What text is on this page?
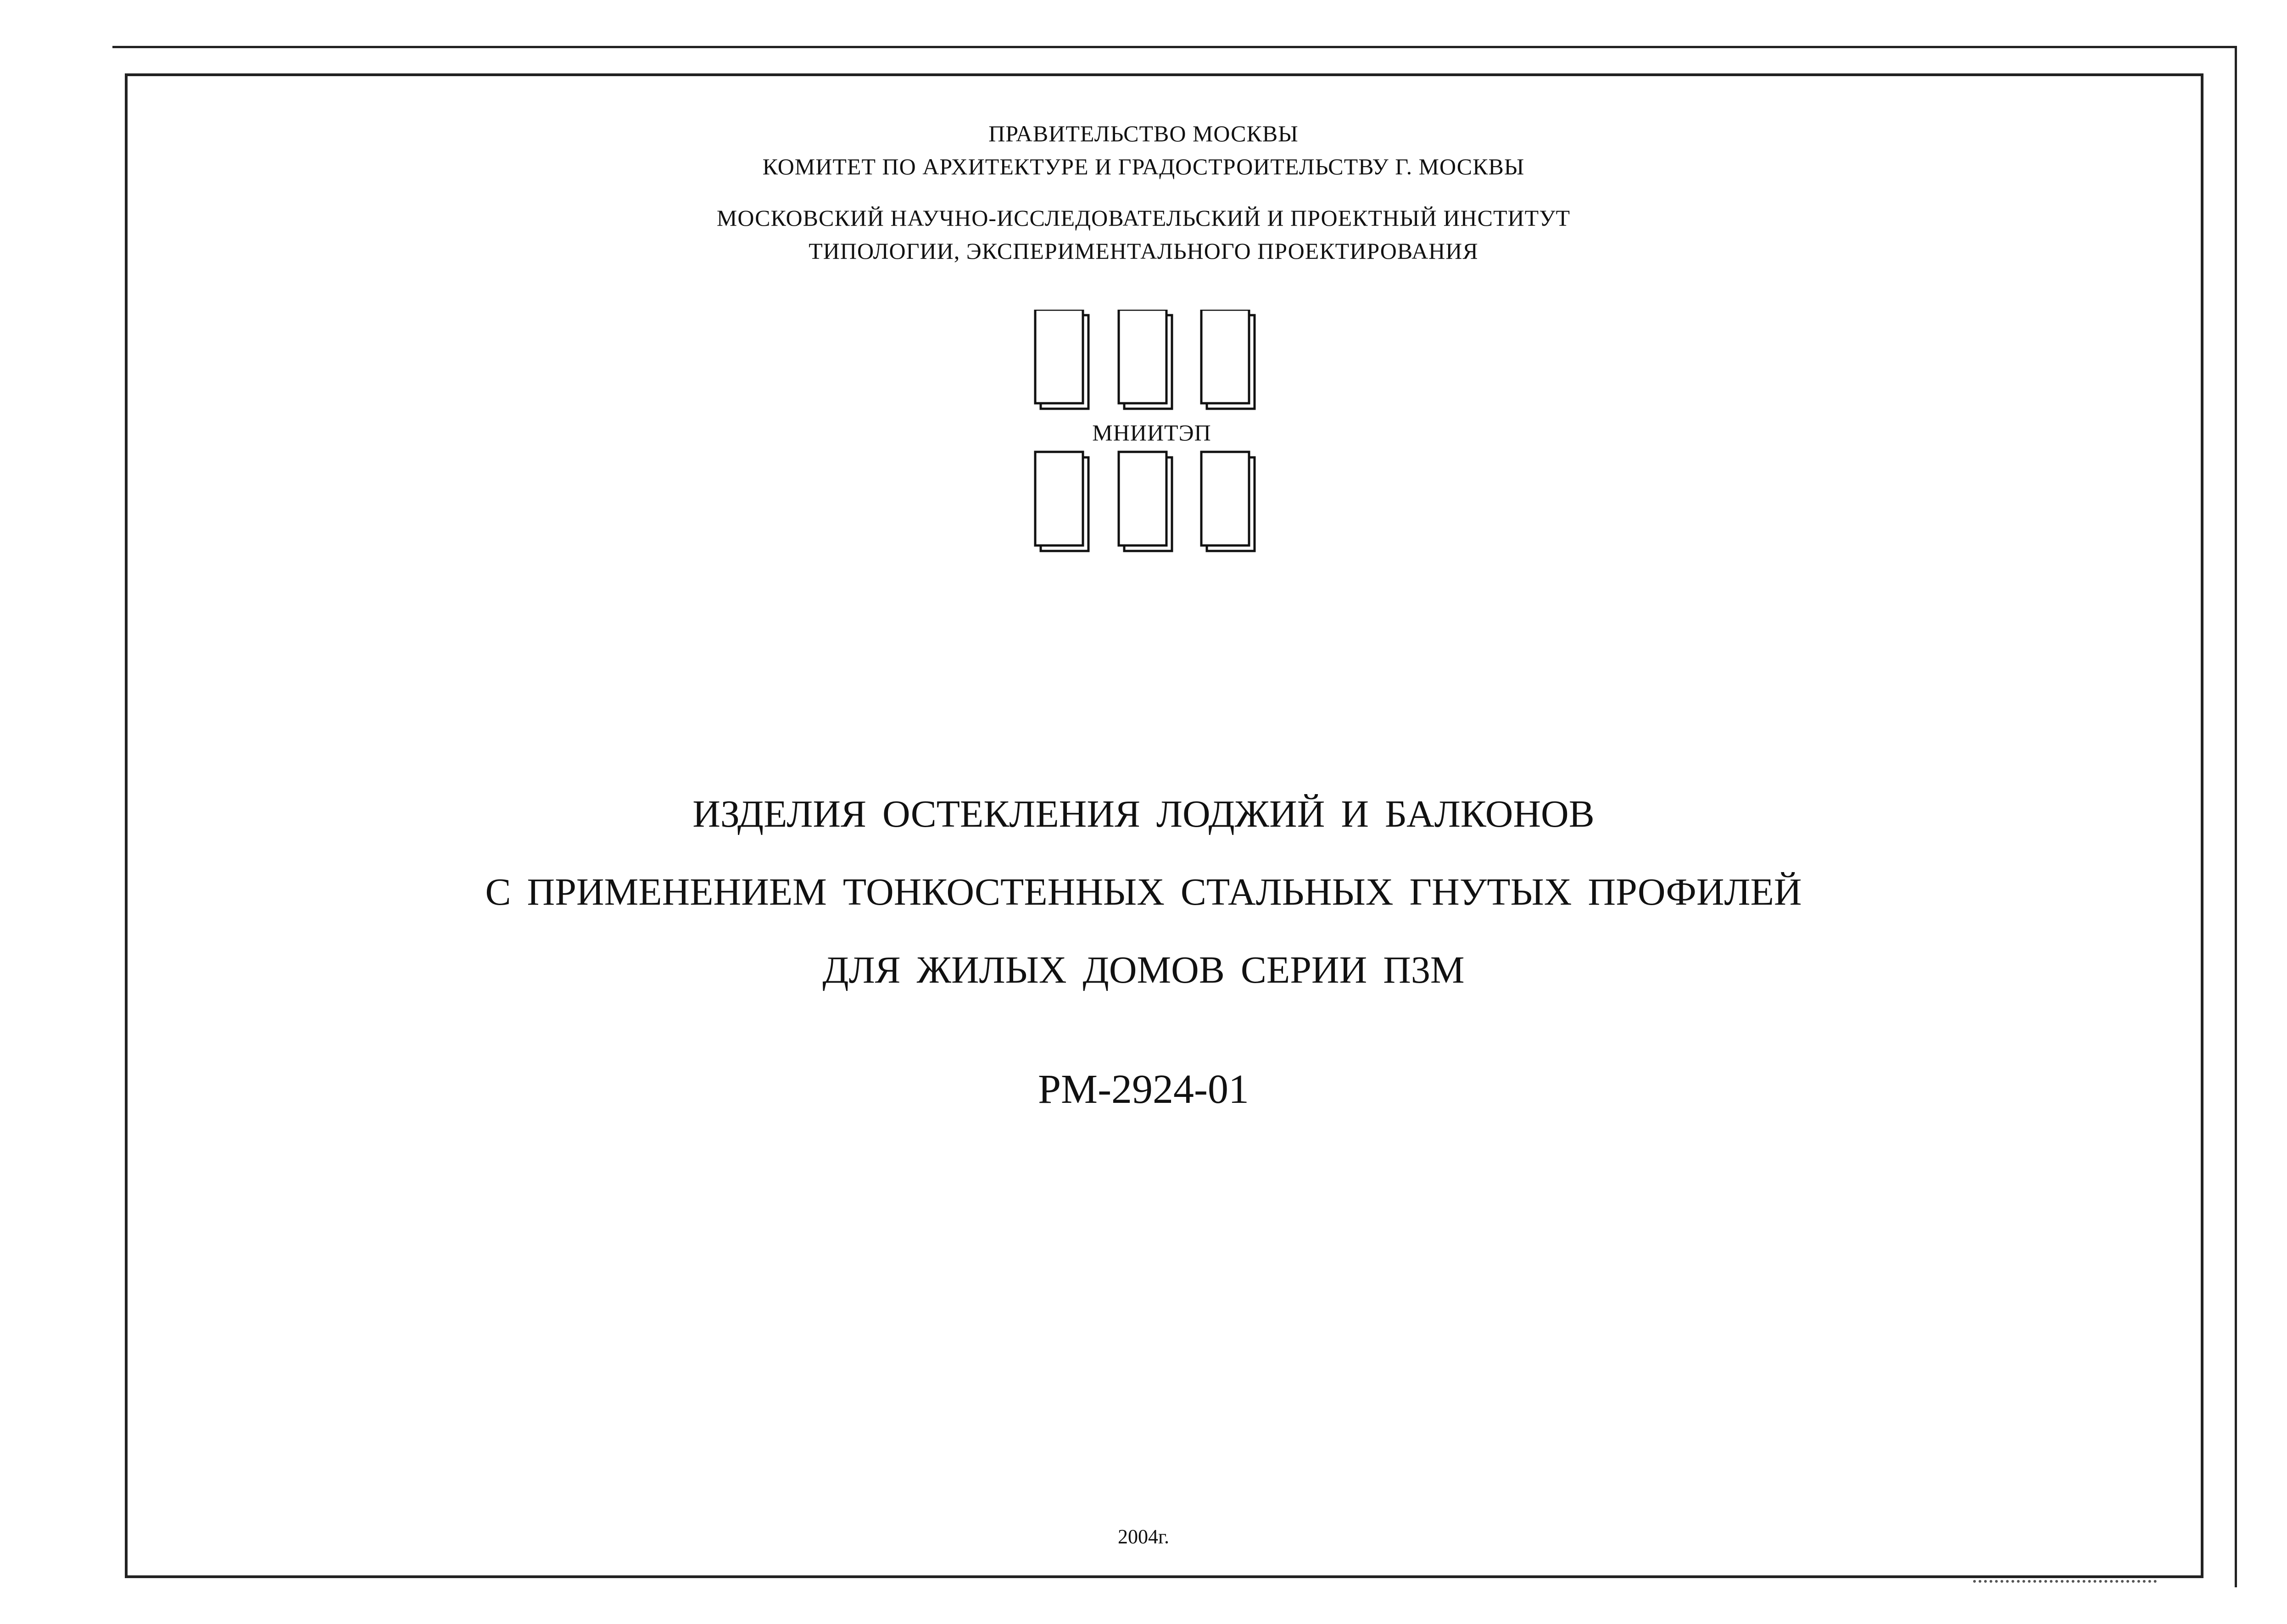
ПРАВИТЕЛЬСТВО МОСКВЫ
КОМИТЕТ ПО АРХИТЕКТУРЕ И ГРАДОСТРОИТЕЛЬСТВУ Г. МОСКВЫ
МОСКОВСКИЙ НАУЧНО-ИССЛЕДОВАТЕЛЬСКИЙ И ПРОЕКТНЫЙ ИНСТИТУТ
ТИПОЛОГИИ, ЭКСПЕРИМЕНТАЛЬНОГО ПРОЕКТИРОВАНИЯ
МНИИТЭП
ИЗДЕЛИЯ ОСТЕКЛЕНИЯ ЛОДЖИЙ И БАЛКОНОВ
С ПРИМЕНЕНИЕМ ТОНКОСТЕННЫХ СТАЛЬНЫХ ГНУТЫХ ПРОФИЛЕЙ
ДЛЯ ЖИЛЫХ ДОМОВ СЕРИИ П3М
РМ-2924-01
2004г.
